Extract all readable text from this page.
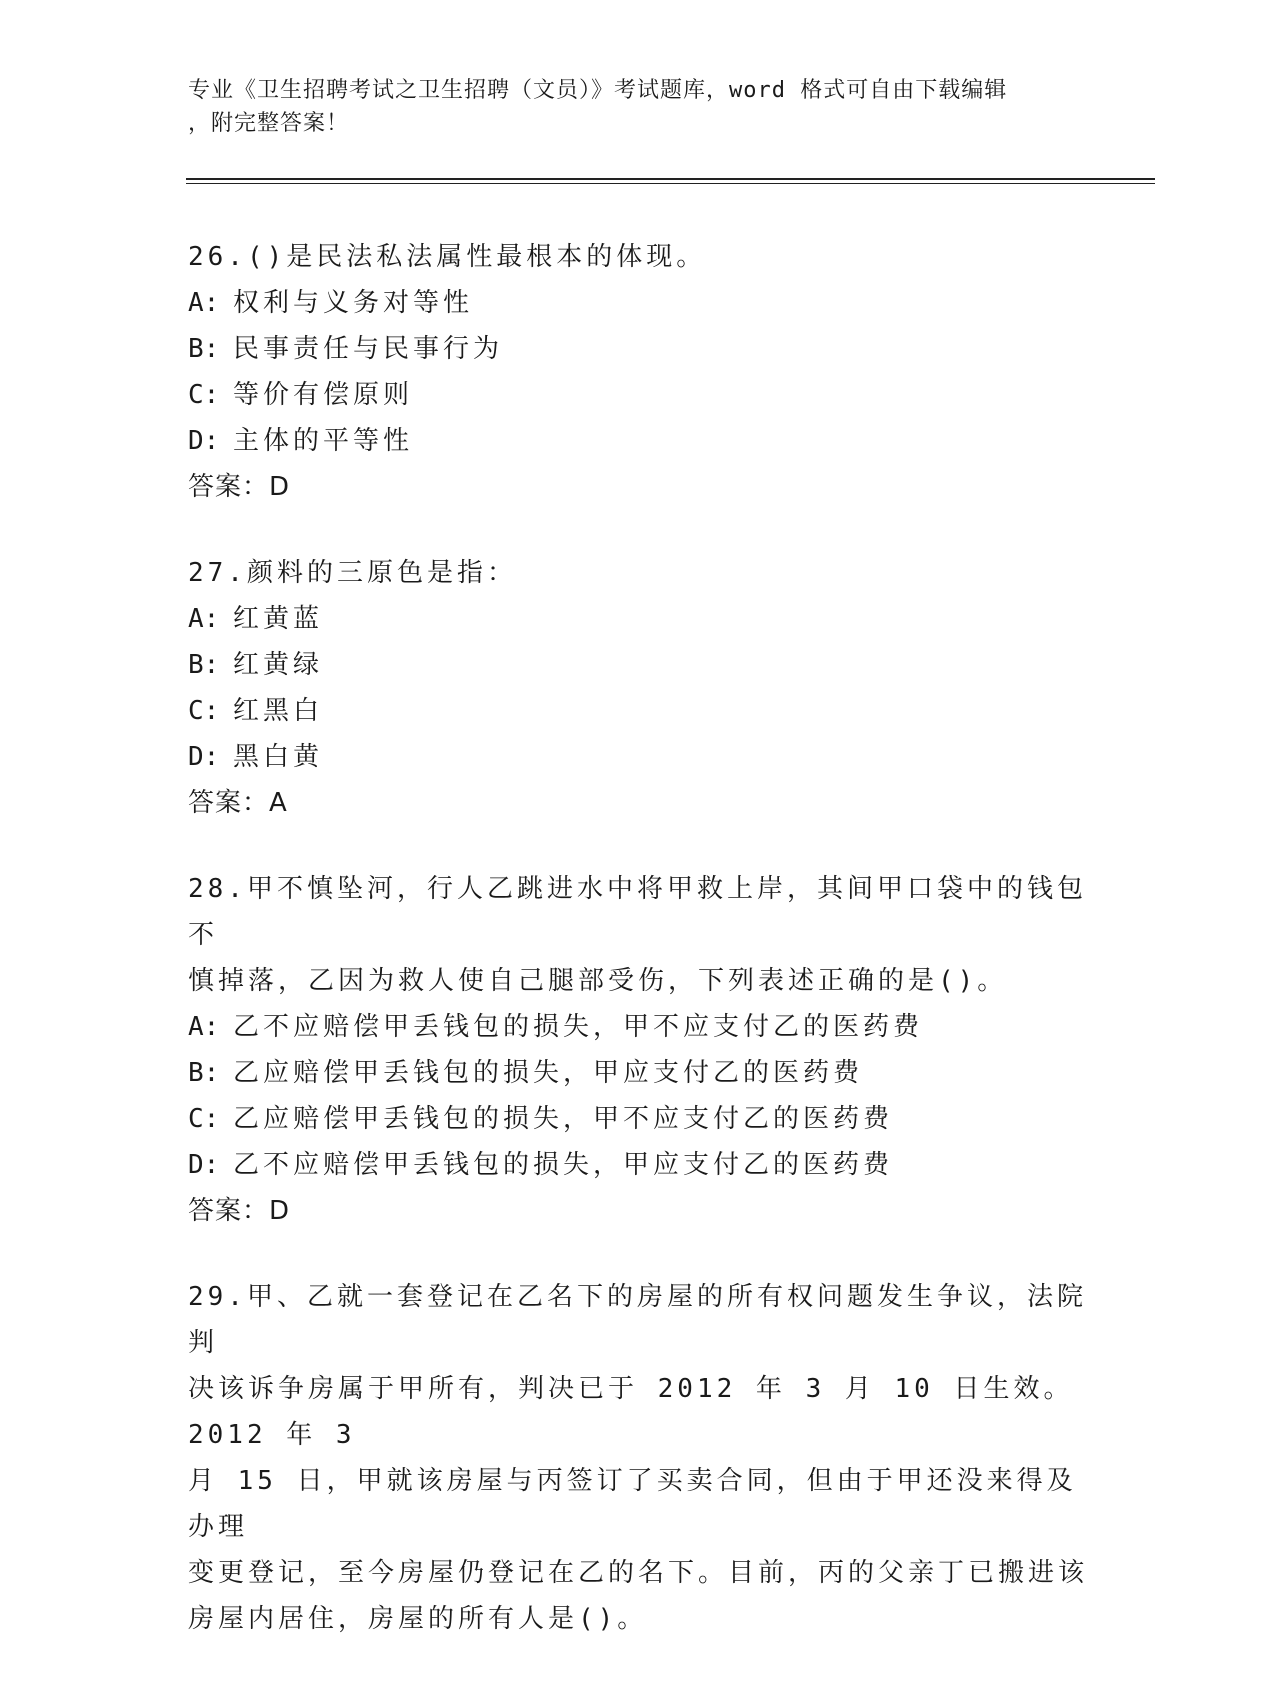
专业《卫生招聘考试之卫生招聘（文员）》考试题库，word 格式可自由下载编辑
，附完整答案！
26.()是民法私法属性最根本的体现。
A: 权利与义务对等性
B: 民事责任与民事行为
C: 等价有偿原则
D: 主体的平等性
答案：D
27.颜料的三原色是指：
A: 红黄蓝
B: 红黄绿
C: 红黑白
D: 黑白黄
答案：A
28.甲不慎坠河，行人乙跳进水中将甲救上岸，其间甲口袋中的钱包不
慎掉落，乙因为救人使自己腿部受伤，下列表述正确的是()。
A: 乙不应赔偿甲丢钱包的损失，甲不应支付乙的医药费
B: 乙应赔偿甲丢钱包的损失，甲应支付乙的医药费
C: 乙应赔偿甲丢钱包的损失，甲不应支付乙的医药费
D: 乙不应赔偿甲丢钱包的损失，甲应支付乙的医药费
答案：D
29.甲、乙就一套登记在乙名下的房屋的所有权问题发生争议，法院判
决该诉争房属于甲所有，判决已于 2012 年 3 月 10 日生效。2012 年 3
月 15 日，甲就该房屋与丙签订了买卖合同，但由于甲还没来得及办理
变更登记，至今房屋仍登记在乙的名下。目前，丙的父亲丁已搬进该
房屋内居住，房屋的所有人是()。
